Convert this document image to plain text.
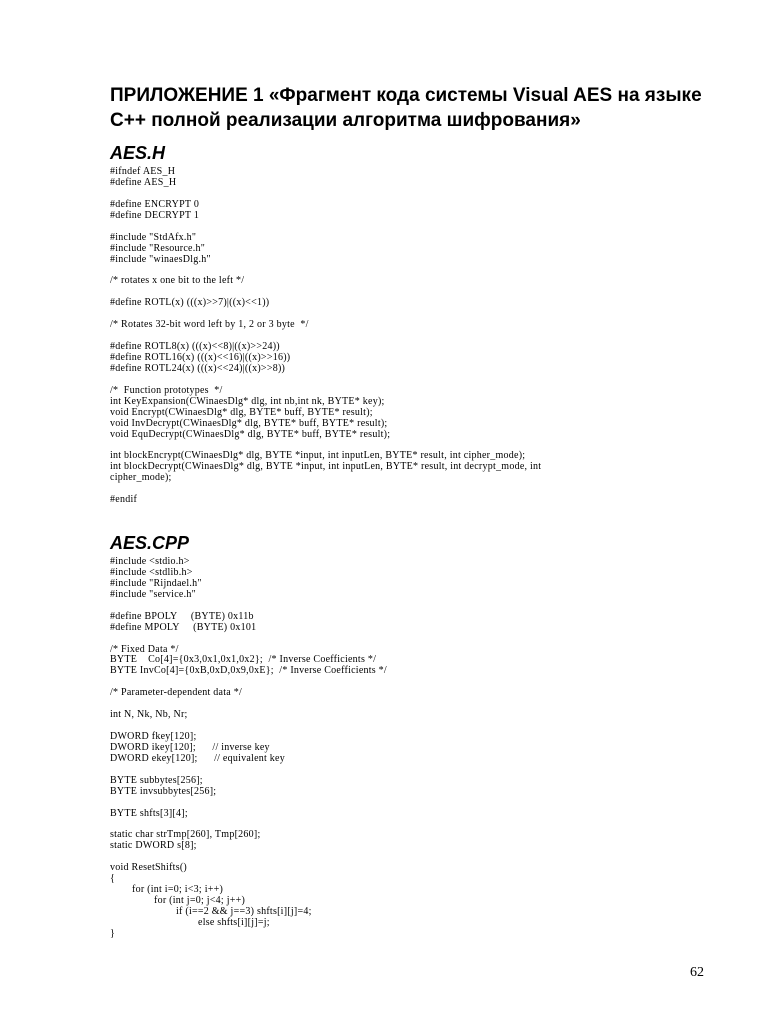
ПРИЛОЖЕНИЕ 1 «Фрагмент кода системы Visual AES на языке С++ полной реализации алгоритма шифрования»
AES.H
#ifndef AES_H
#define AES_H
#define ENCRYPT 0
#define DECRYPT 1
#include "StdAfx.h"
#include "Resource.h"
#include "winaesDlg.h"
/* rotates x one bit to the left */
#define ROTL(x) (((x)>>7)|((x)<<1))
/* Rotates 32-bit word left by 1, 2 or 3 byte  */
#define ROTL8(x) (((x)<<8)|((x)>>24))
#define ROTL16(x) (((x)<<16)|((x)>>16))
#define ROTL24(x) (((x)<<24)|((x)>>8))
/*  Function prototypes  */
int KeyExpansion(CWinaesDlg* dlg, int nb,int nk, BYTE* key);
void Encrypt(CWinaesDlg* dlg, BYTE* buff, BYTE* result);
void InvDecrypt(CWinaesDlg* dlg, BYTE* buff, BYTE* result);
void EquDecrypt(CWinaesDlg* dlg, BYTE* buff, BYTE* result);
int blockEncrypt(CWinaesDlg* dlg, BYTE *input, int inputLen, BYTE* result, int cipher_mode);
int blockDecrypt(CWinaesDlg* dlg, BYTE *input, int inputLen, BYTE* result, int decrypt_mode, int
cipher_mode);
#endif
AES.CPP
#include <stdio.h>
#include <stdlib.h>
#include "Rijndael.h"
#include "service.h"
#define BPOLY     (BYTE) 0x11b
#define MPOLY     (BYTE) 0x101
/* Fixed Data */
BYTE    Co[4]={0x3,0x1,0x1,0x2};  /* Inverse Coefficients */
BYTE InvCo[4]={0xB,0xD,0x9,0xE};  /* Inverse Coefficients */
/* Parameter-dependent data */
int N, Nk, Nb, Nr;
DWORD fkey[120];
DWORD ikey[120];      // inverse key
DWORD ekey[120];      // equivalent key
BYTE subbytes[256];
BYTE invsubbytes[256];
BYTE shfts[3][4];
static char strTmp[260], Tmp[260];
static DWORD s[8];
void ResetShifts()
{
for (int i=0; i<3; i++)
for (int j=0; j<4; j++)
if (i==2 && j==3) shfts[i][j]=4;
else shfts[i][j]=j;
}
62
